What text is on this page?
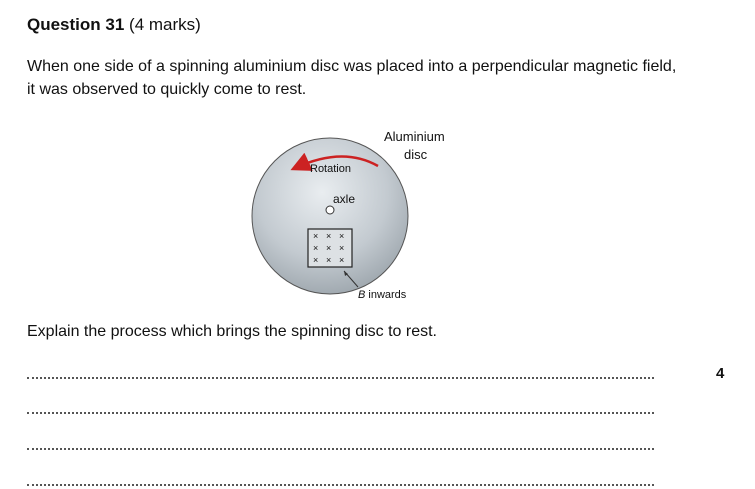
Question 31 (4 marks)
When one side of a spinning aluminium disc was placed into a perpendicular magnetic field, it was observed to quickly come to rest.
Rotation
axle
Aluminium
disc
× × ×
× × ×
× × ×
B inwards
Explain the process which brings the spinning disc to rest.
4
